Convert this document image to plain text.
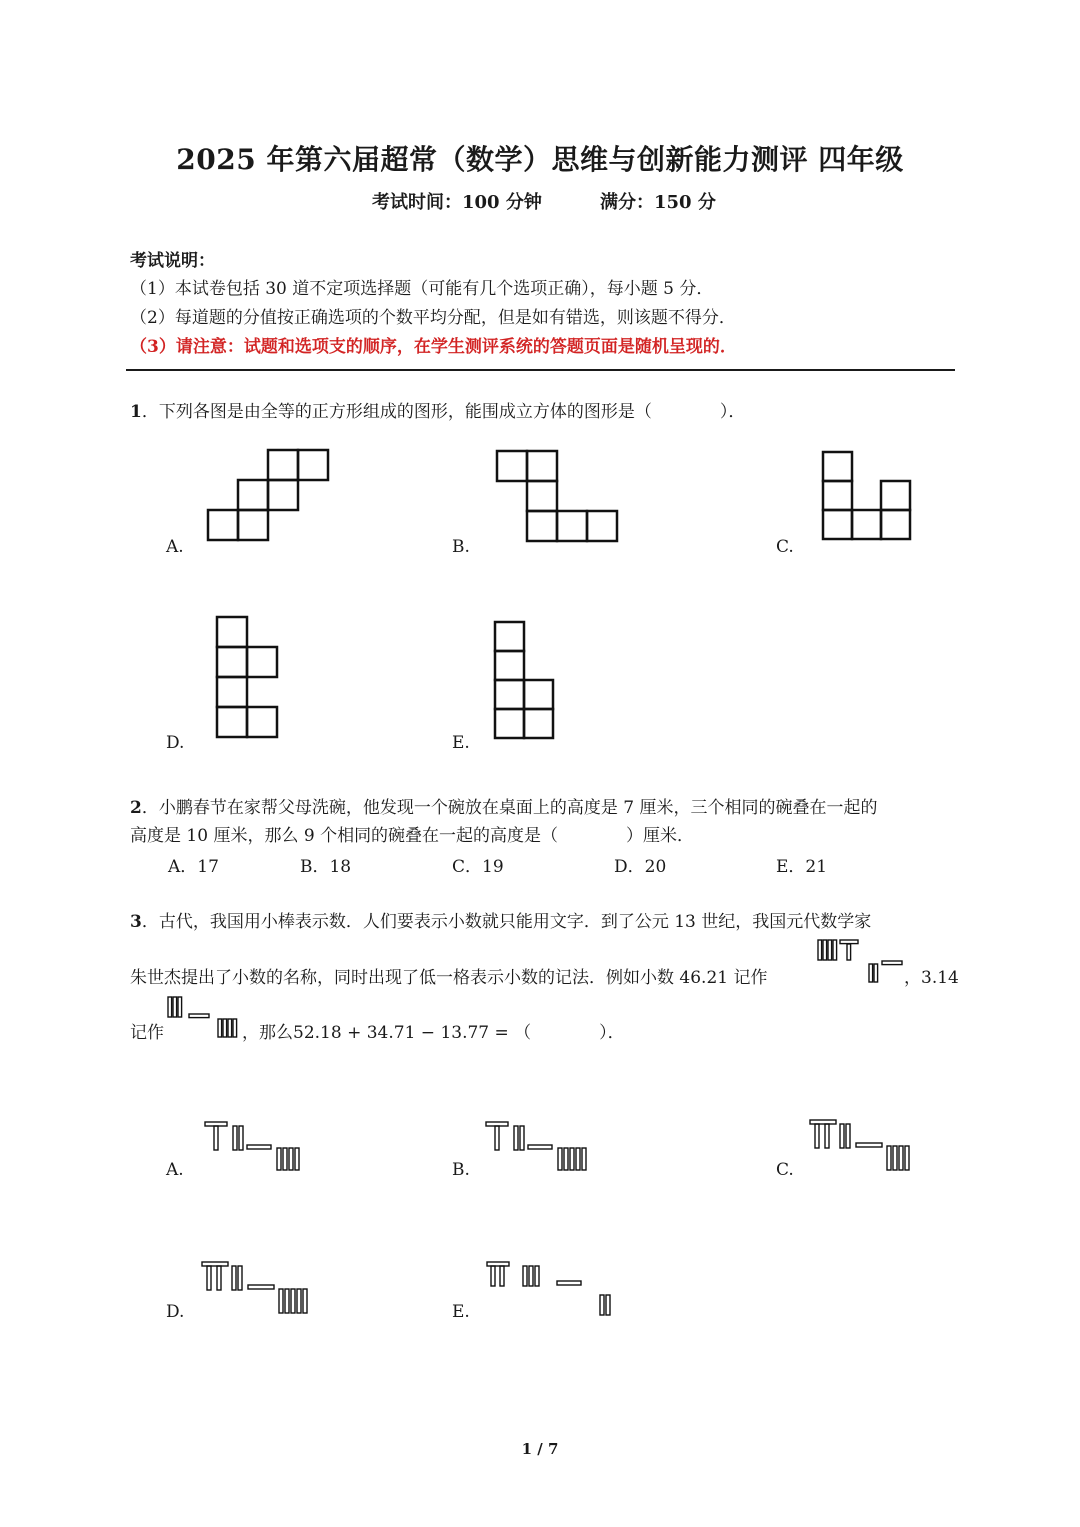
2025 年第六届超常（数学）思维与创新能力测评 四年级
考试时间：100 分钟	满分：150 分
考试说明：
（1）本试卷包括 30 道不定项选择题（可能有几个选项正确），每小题 5 分．
（2）每道题的分值按正确选项的个数平均分配，但是如有错选，则该题不得分．
（3）请注意：试题和选项支的顺序，在学生测评系统的答题页面是随机呈现的．
1．下列各图是由全等的正方形组成的图形，能围成立方体的图形是（　　　　）．
A.	B.	C.
D.	E.
2．小鹏春节在家帮父母洗碗，他发现一个碗放在桌面上的高度是 7 厘米，三个相同的碗叠在一起的
高度是 10 厘米，那么 9 个相同的碗叠在一起的高度是（　　　　）厘米．
A．17	B．18	C．19	D．20	E．21
3．古代，我国用小棒表示数．人们要表示小数就只能用文字．到了公元 13 世纪，我国元代数学家
朱世杰提出了小数的名称，同时出现了低一格表示小数的记法．例如小数 46.21 记作	，3.14
记作	，那么52.18 + 34.71 − 13.77 = （　　　　）．
A.	B.	C.
D.	E.
1 / 7
